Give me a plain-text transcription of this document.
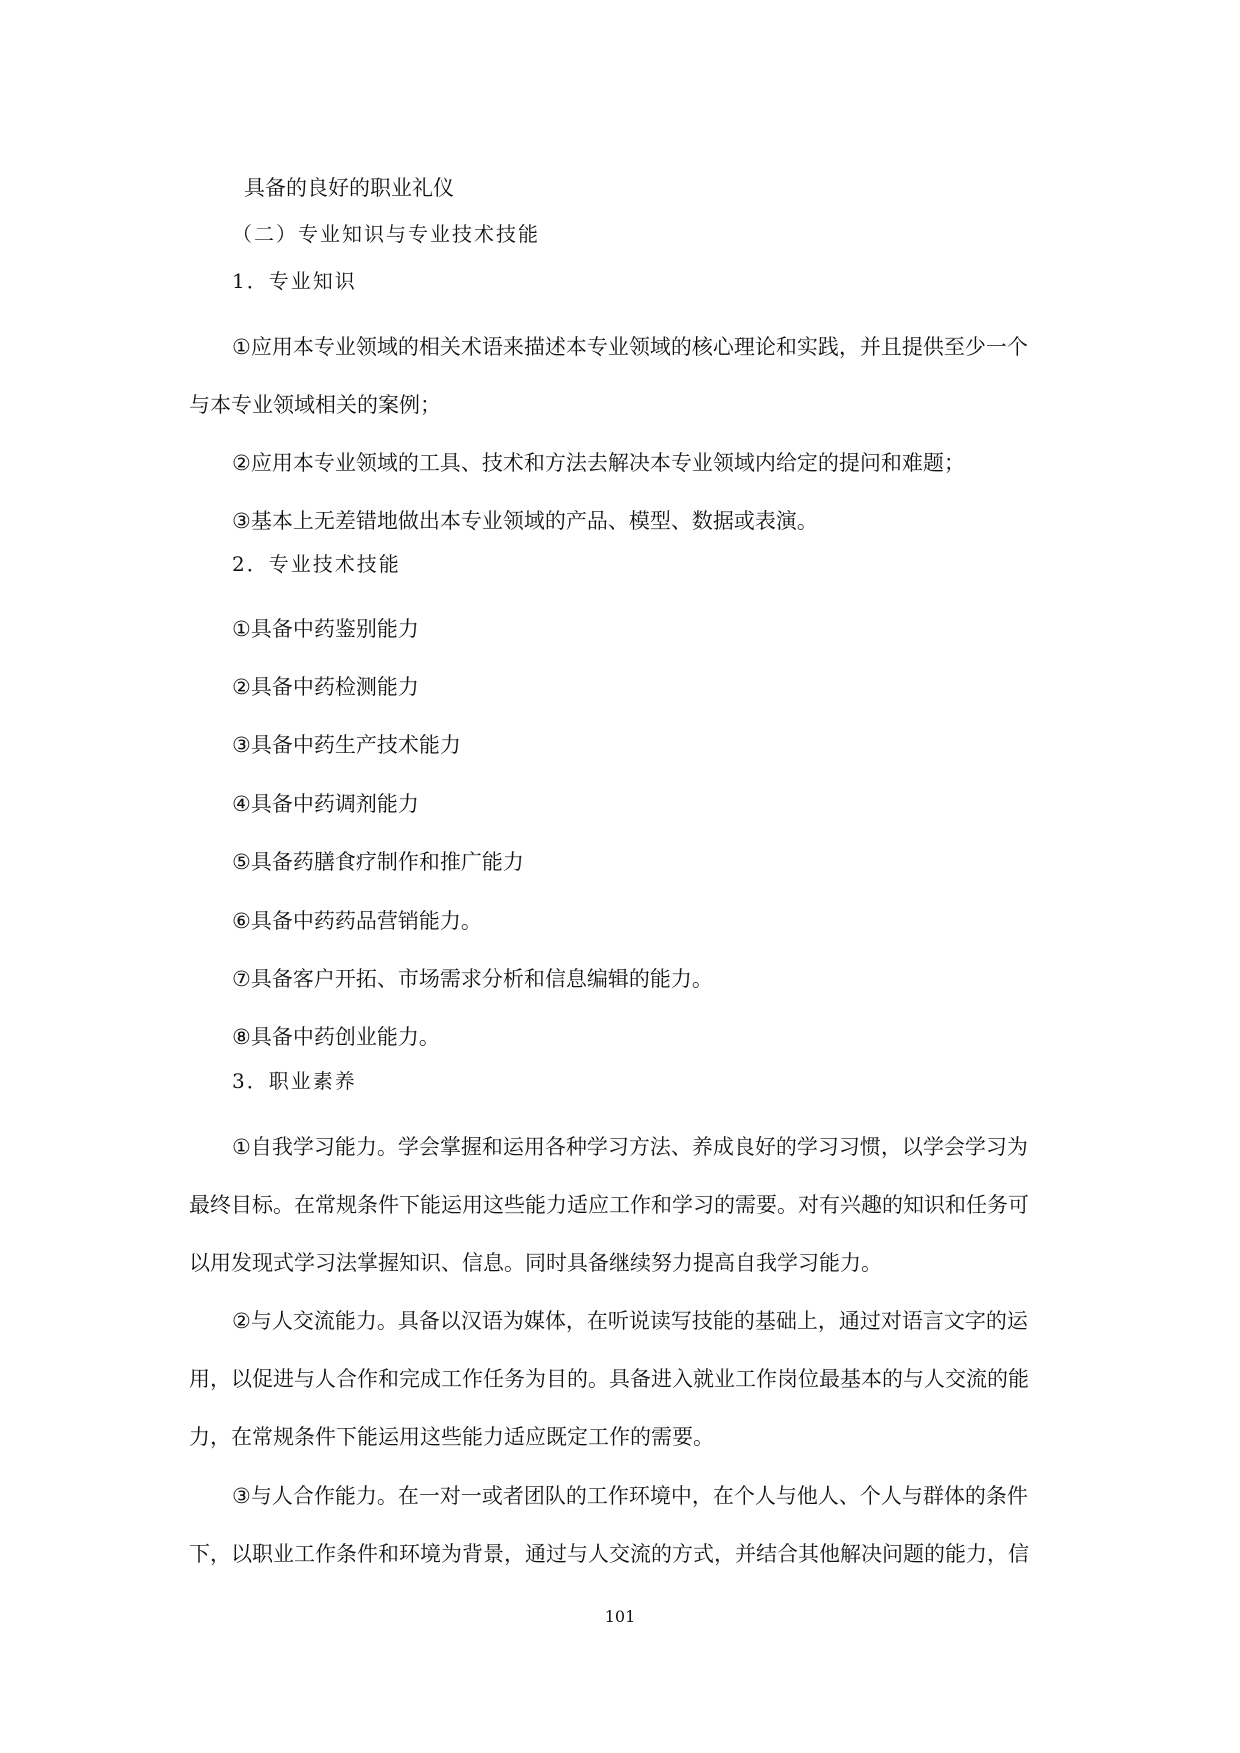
具备的良好的职业礼仪
（二）专业知识与专业技术技能
1．专业知识
①应用本专业领域的相关术语来描述本专业领域的核心理论和实践，并且提供至少一个
与本专业领域相关的案例；
②应用本专业领域的工具、技术和方法去解决本专业领域内给定的提问和难题；
③基本上无差错地做出本专业领域的产品、模型、数据或表演。
2．专业技术技能
①具备中药鉴别能力
②具备中药检测能力
③具备中药生产技术能力
④具备中药调剂能力
⑤具备药膳食疗制作和推广能力
⑥具备中药药品营销能力。
⑦具备客户开拓、市场需求分析和信息编辑的能力。
⑧具备中药创业能力。
3．职业素养
①自我学习能力。学会掌握和运用各种学习方法、养成良好的学习习惯，以学会学习为
最终目标。在常规条件下能运用这些能力适应工作和学习的需要。对有兴趣的知识和任务可
以用发现式学习法掌握知识、信息。同时具备继续努力提高自我学习能力。
②与人交流能力。具备以汉语为媒体，在听说读写技能的基础上，通过对语言文字的运
用，以促进与人合作和完成工作任务为目的。具备进入就业工作岗位最基本的与人交流的能
力，在常规条件下能运用这些能力适应既定工作的需要。
③与人合作能力。在一对一或者团队的工作环境中，在个人与他人、个人与群体的条件
下，以职业工作条件和环境为背景，通过与人交流的方式，并结合其他解决问题的能力，信
101
